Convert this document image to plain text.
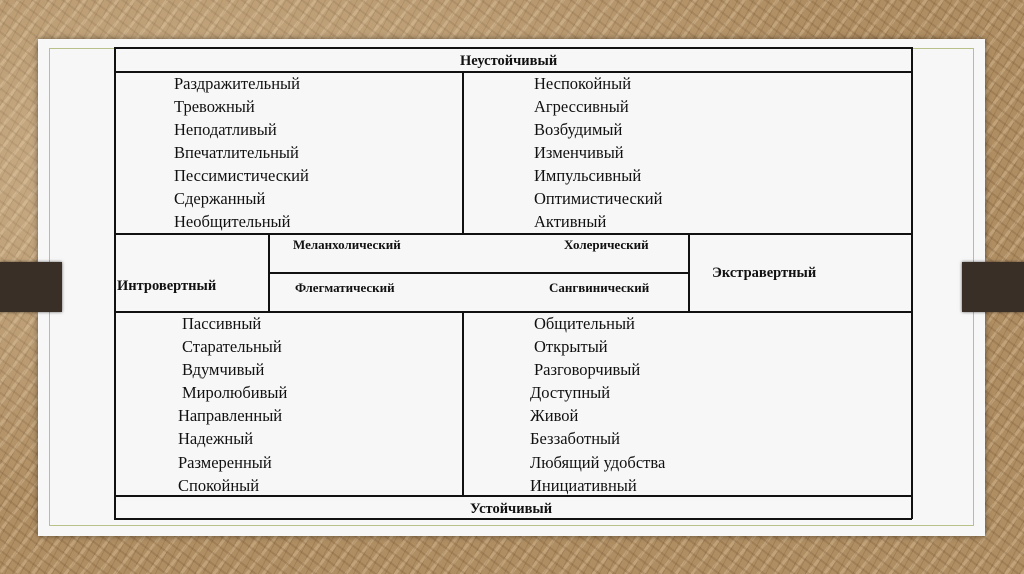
Неустойчивый
Устойчивый
Раздражительный
Тревожный
Неподатливый
Впечатлительный
Пессимистический
Сдержанный
Необщительный
Неспокойный
Агрессивный
Возбудимый
Изменчивый
Импульсивный
Оптимистический
Активный
Интровертный
Экстравертный
Меланхолический	Холерический
Флегматический	Сангвинический
Пассивный
Старательный
Вдумчивый
Миролюбивый
Направленный
Надежный
Размеренный
Спокойный
Общительный
Открытый
Разговорчивый
Доступный
Живой
Беззаботный
Любящий удобства
Инициативный
